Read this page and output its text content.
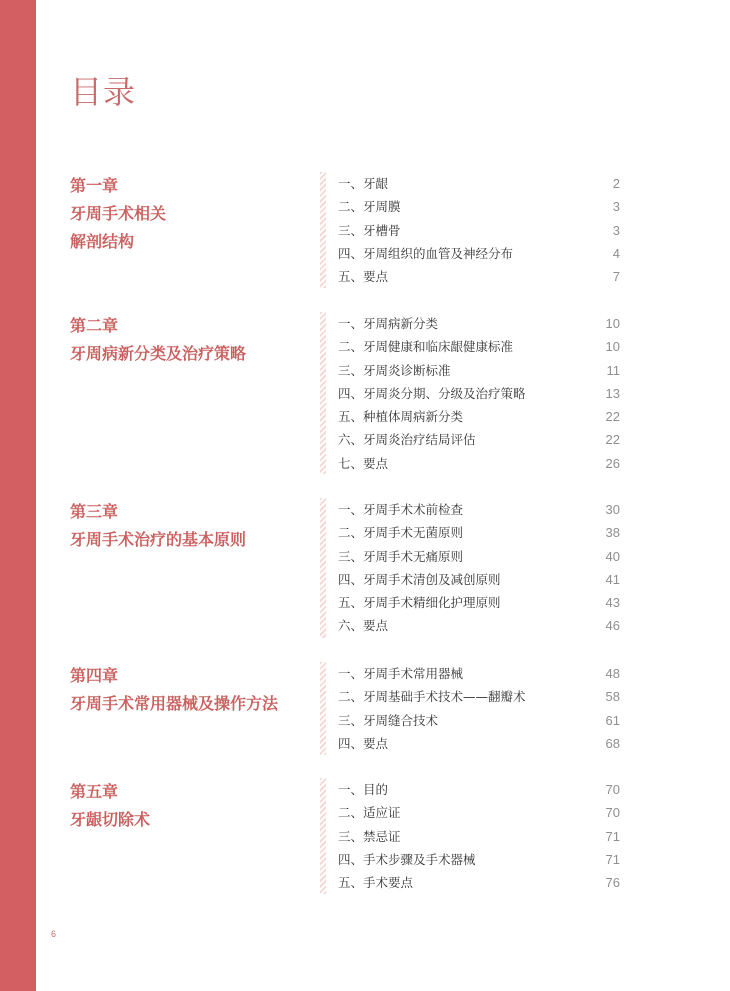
目录
第一章
牙周手术相关
解剖结构
一、牙龈	2
二、牙周膜	3
三、牙槽骨	3
四、牙周组织的血管及神经分布	4
五、要点	7
第二章
牙周病新分类及治疗策略
一、牙周病新分类	10
二、牙周健康和临床龈健康标准	10
三、牙周炎诊断标准	11
四、牙周炎分期、分级及治疗策略	13
五、种植体周病新分类	22
六、牙周炎治疗结局评估	22
七、要点	26
第三章
牙周手术治疗的基本原则
一、牙周手术术前检查	30
二、牙周手术无菌原则	38
三、牙周手术无痛原则	40
四、牙周手术清创及减创原则	41
五、牙周手术精细化护理原则	43
六、要点	46
第四章
牙周手术常用器械及操作方法
一、牙周手术常用器械	48
二、牙周基础手术技术——翻瓣术	58
三、牙周缝合技术	61
四、要点	68
第五章
牙龈切除术
一、目的	70
二、适应证	70
三、禁忌证	71
四、手术步骤及手术器械	71
五、手术要点	76
6
